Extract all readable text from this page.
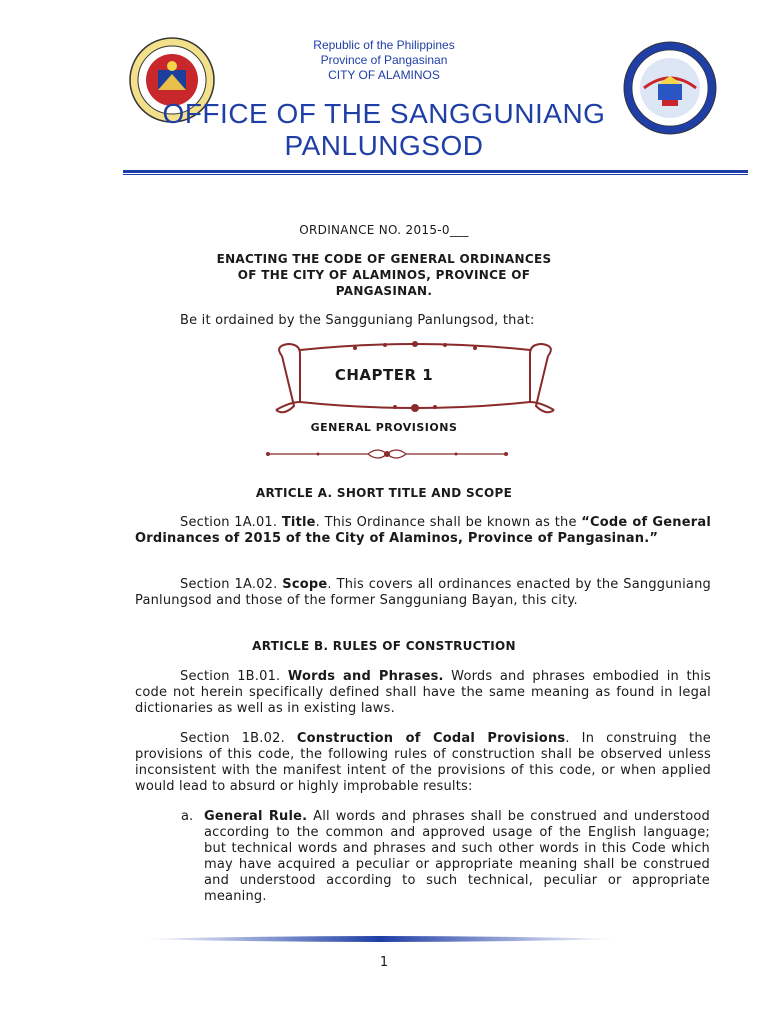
Republic of the Philippines
Province of Pangasinan
CITY OF ALAMINOS
OFFICE OF THE SANGGUNIANG
PANLUNGSOD
ORDINANCE NO. 2015-0___
ENACTING THE CODE OF GENERAL ORDINANCES
OF THE CITY OF ALAMINOS, PROVINCE OF
PANGASINAN.
Be it ordained by the Sangguniang Panlungsod, that:
CHAPTER 1
GENERAL PROVISIONS
ARTICLE A. SHORT TITLE AND SCOPE
Section 1A.01. Title. This Ordinance shall be known as the “Code of General Ordinances of 2015 of the City of Alaminos, Province of Pangasinan.”
Section 1A.02. Scope. This covers all ordinances enacted by the Sangguniang Panlungsod and those of the former Sangguniang Bayan, this city.
ARTICLE B. RULES OF CONSTRUCTION
Section 1B.01. Words and Phrases. Words and phrases embodied in this code not herein specifically defined shall have the same meaning as found in legal dictionaries as well as in existing laws.
Section 1B.02. Construction of Codal Provisions. In construing the provisions of this code, the following rules of construction shall be observed unless inconsistent with the manifest intent of the provisions of this code, or when applied would lead to absurd or highly improbable results:
a. General Rule. All words and phrases shall be construed and understood according to the common and approved usage of the English language; but technical words and phrases and such other words in this Code which may have acquired a peculiar or appropriate meaning shall be construed and understood according to such technical, peculiar or appropriate meaning.
1
